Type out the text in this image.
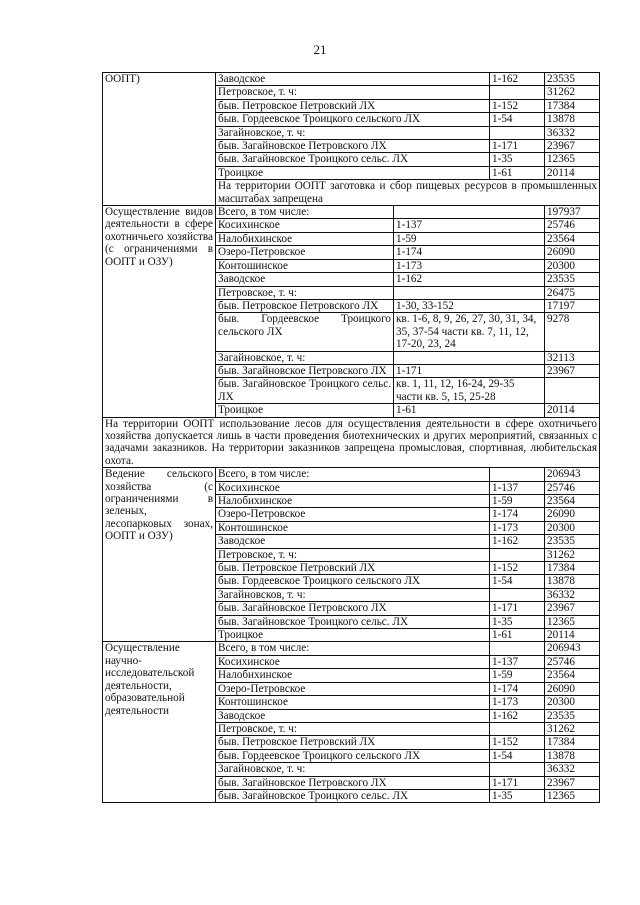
21
ООПТ)	Заводское		1-162	23535
	Петровское, т. ч:			31262
	быв. Петровское Петровский ЛХ		1-152	17384
	быв. Гордеевское Троицкого сельского ЛХ		1-54	13878
	Загайновское, т. ч:			36332
	быв. Загайновское Петровского ЛХ		1-171	23967
	быв. Загайновское Троицкого сельс. ЛХ		1-35	12365
	Троицкое		1-61	20114
	На территории ООПТ заготовка и сбор пищевых ресурсов в промышленных масштабах запрещена			
Осуществление видов деятельности в сфере охотничьего хозяйства (с ограничениями в ООПТ и ОЗУ)	Всего, в том числе:			197937
	Косихинское	1-137		25746
	Налобихинское	1-59		23564
	Озеро-Петровское	1-174		26090
	Контошинское	1-173		20300
	Заводское	1-162		23535
	Петровское, т. ч:			26475
	быв. Петровское Петровского ЛХ	1-30, 33-152		17197
	быв. Гордеевское Троицкого сельского ЛХ	кв. 1-6, 8, 9, 26, 27, 30, 31, 34, 35, 37-54 части кв. 7, 11, 12, 17-20, 23, 24		9278
	Загайновское, т. ч:			32113
	быв. Загайновское Петровского ЛХ	1-171		23967
	быв. Загайновское Троицкого сельс. ЛХ	кв. 1, 11, 12, 16-24, 29-35 части кв. 5, 15, 25-28		
	Троицкое	1-61		20114
На территории ООПТ использование лесов для осуществления деятельности в сфере охотничьего хозяйства допускается лишь в части проведения биотехнических и других мероприятий, связанных с задачами заказников. На территории заказников запрещена промысловая, спортивная, любительская охота.				
Ведение сельского хозяйства (с ограничениями в зеленых, лесопарковых зонах, ООПТ и ОЗУ)	Всего, в том числе:			206943
	Косихинское		1-137	25746
	Налобихинское		1-59	23564
	Озеро-Петровское		1-174	26090
	Контошинское		1-173	20300
	Заводское		1-162	23535
	Петровское, т. ч:			31262
	быв. Петровское Петровский ЛХ		1-152	17384
	быв. Гордеевское Троицкого сельского ЛХ		1-54	13878
	Загайновсков, т. ч:			36332
	быв. Загайновское Петровского ЛХ		1-171	23967
	быв. Загайновское Троицкого сельс. ЛХ		1-35	12365
	Троицкое		1-61	20114
Осуществление научно-исследовательской деятельности, образовательной деятельности	Всего, в том числе:			206943
	Косихинское		1-137	25746
	Налобихинское		1-59	23564
	Озеро-Петровское		1-174	26090
	Контошинское		1-173	20300
	Заводское		1-162	23535
	Петровское, т. ч:			31262
	быв. Петровское Петровский ЛХ		1-152	17384
	быв. Гордеевское Троицкого сельского ЛХ		1-54	13878
	Загайновское, т. ч:			36332
	быв. Загайновское Петровского ЛХ		1-171	23967
	быв. Загайновское Троицкого сельс. ЛХ		1-35	12365
